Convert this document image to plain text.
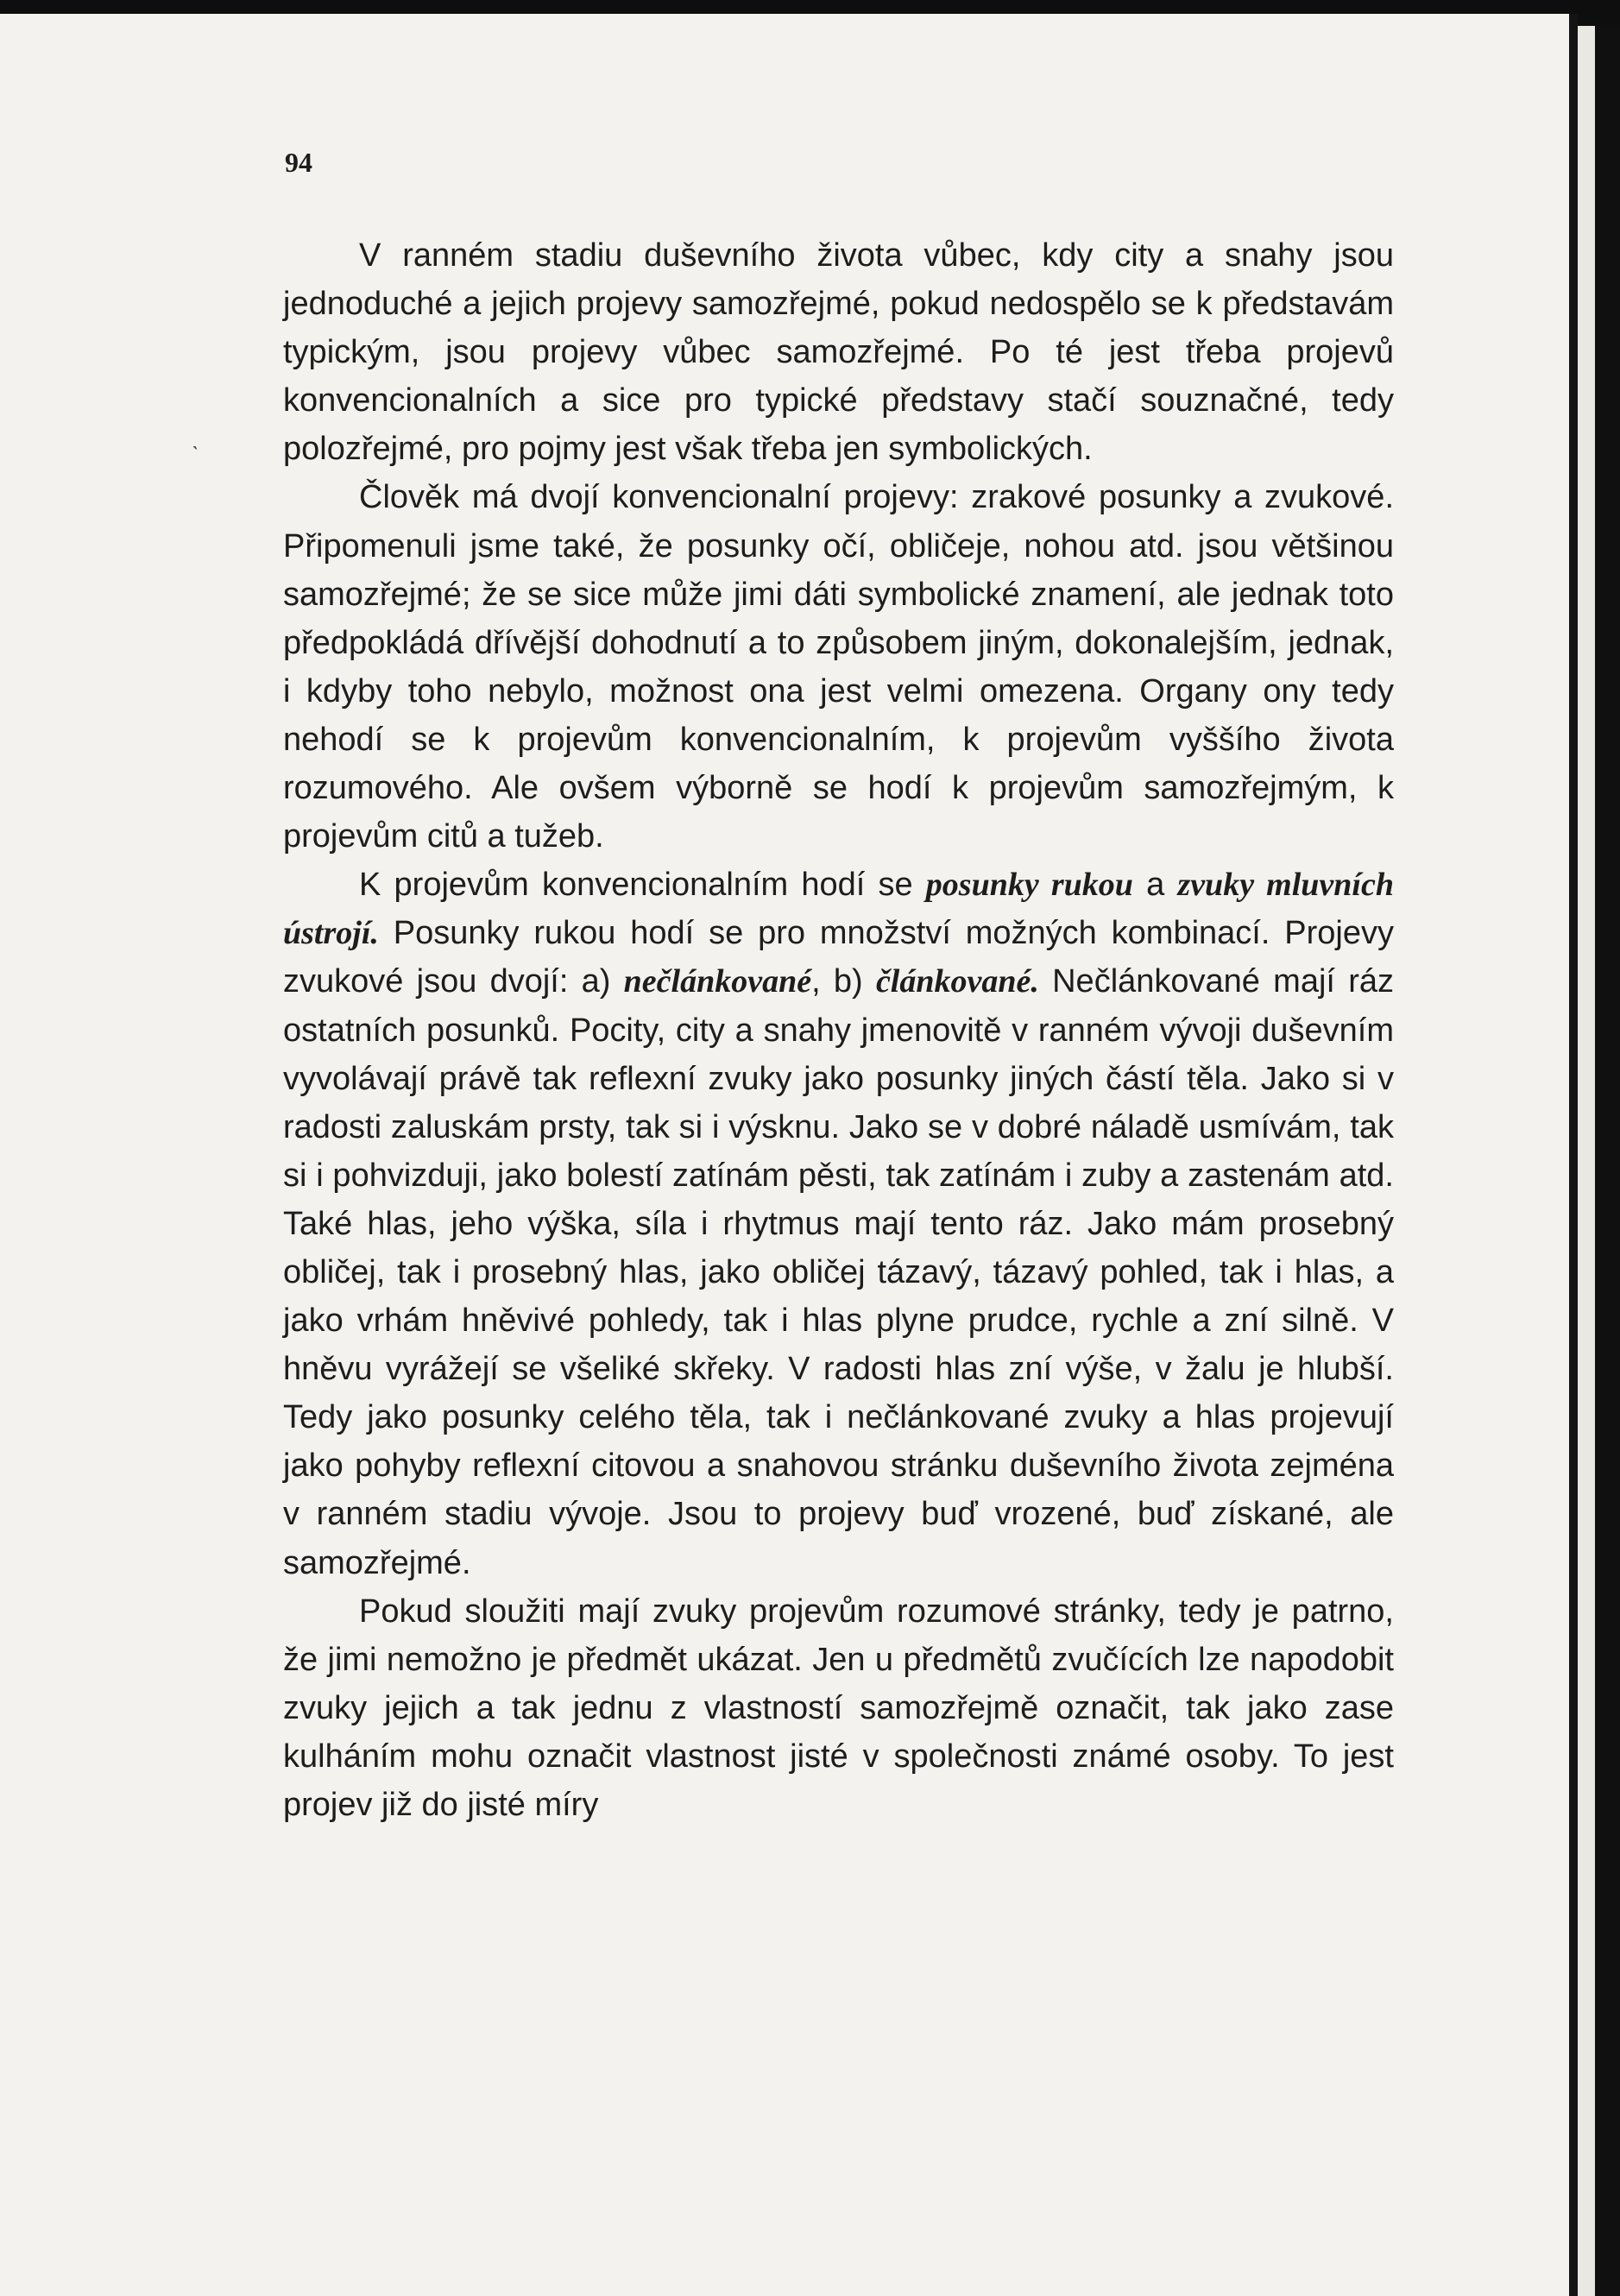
ˋ

94

V ranném stadiu duševního života vůbec, kdy city a snahy jsou jednoduché a jejich projevy samozřejmé, pokud nedospělo se k představám typickým, jsou projevy vůbec samozřejmé. Po té jest třeba projevů konvencionalních a sice pro typické představy stačí souznačné, tedy polozřejmé, pro pojmy jest však třeba jen symbolických.

Člověk má dvojí konvencionalní projevy: zrakové posunky a zvukové. Připomenuli jsme také, že posunky očí, obličeje, nohou atd. jsou většinou samozřejmé; že se sice může jimi dáti symbolické znamení, ale jednak toto předpokládá dřívější dohodnutí a to způsobem jiným, dokonalejším, jednak, i kdyby toho nebylo, možnost ona jest velmi omezena. Organy ony tedy nehodí se k projevům konvencionalním, k projevům vyššího života rozumového. Ale ovšem výborně se hodí k projevům samozřejmým, k projevům citů a tužeb.

K projevům konvencionalním hodí se posunky rukou a zvuky mluvních ústrojí. Posunky rukou hodí se pro množství možných kombinací. Projevy zvukové jsou dvojí: a) nečlánkované, b) článkované. Nečlánkované mají ráz ostatních posunků. Pocity, city a snahy jmenovitě v ranném vývoji duševním vyvolávají právě tak reflexní zvuky jako posunky jiných částí těla. Jako si v radosti zaluskám prsty, tak si i výsknu. Jako se v dobré náladě usmívám, tak si i pohvizduji, jako bolestí zatínám pěsti, tak zatínám i zuby a zastenám atd. Také hlas, jeho výška, síla i rhytmus mají tento ráz. Jako mám prosebný obličej, tak i prosebný hlas, jako obličej tázavý, tázavý pohled, tak i hlas, a jako vrhám hněvivé pohledy, tak i hlas plyne prudce, rychle a zní silně. V hněvu vyrážejí se všeliké skřeky. V radosti hlas zní výše, v žalu je hlubší. Tedy jako posunky celého těla, tak i nečlánkované zvuky a hlas projevují jako pohyby reflexní citovou a snahovou stránku duševního života zejména v ranném stadiu vývoje. Jsou to projevy buď vrozené, buď získané, ale samozřejmé.

Pokud sloužiti mají zvuky projevům rozumové stránky, tedy je patrno, že jimi nemožno je předmět ukázat. Jen u předmětů zvučících lze napodobit zvuky jejich a tak jednu z vlastností samozřejmě označit, tak jako zase kulháním mohu označit vlastnost jisté v společnosti známé osoby. To jest projev již do jisté míry
